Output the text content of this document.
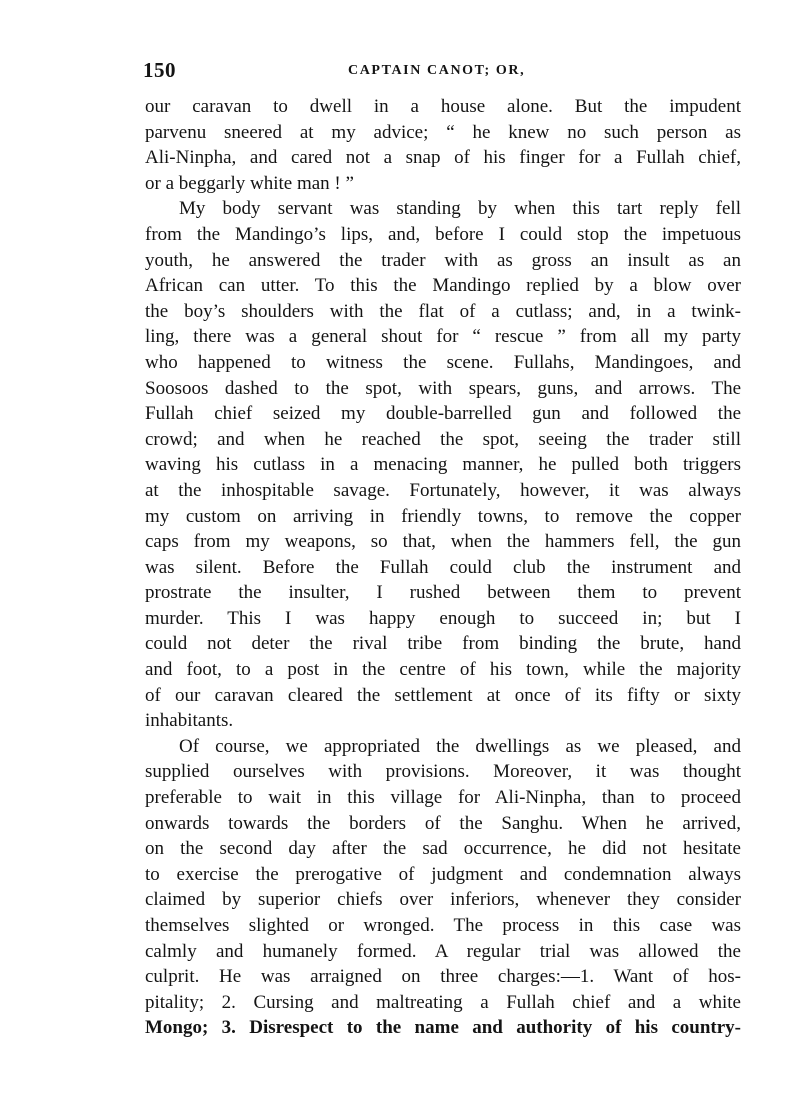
150	CAPTAIN CANOT; OR,
our caravan to dwell in a house alone. But the impudent
parvenu sneered at my advice; “ he knew no such person as
Ali-Ninpha, and cared not a snap of his finger for a Fullah chief,
or a beggarly white man ! ”
My body servant was standing by when this tart reply fell
from the Mandingo’s lips, and, before I could stop the impetuous
youth, he answered the trader with as gross an insult as an
African can utter. To this the Mandingo replied by a blow over
the boy’s shoulders with the flat of a cutlass; and, in a twink-
ling, there was a general shout for “ rescue ” from all my party
who happened to witness the scene. Fullahs, Mandingoes, and
Soosoos dashed to the spot, with spears, guns, and arrows. The
Fullah chief seized my double-barrelled gun and followed the
crowd; and when he reached the spot, seeing the trader still
waving his cutlass in a menacing manner, he pulled both triggers
at the inhospitable savage. Fortunately, however, it was always
my custom on arriving in friendly towns, to remove the copper
caps from my weapons, so that, when the hammers fell, the gun
was silent. Before the Fullah could club the instrument and
prostrate the insulter, I rushed between them to prevent
murder. This I was happy enough to succeed in; but I
could not deter the rival tribe from binding the brute, hand
and foot, to a post in the centre of his town, while the majority
of our caravan cleared the settlement at once of its fifty or sixty
inhabitants.
Of course, we appropriated the dwellings as we pleased, and
supplied ourselves with provisions. Moreover, it was thought
preferable to wait in this village for Ali-Ninpha, than to proceed
onwards towards the borders of the Sanghu. When he arrived,
on the second day after the sad occurrence, he did not hesitate
to exercise the prerogative of judgment and condemnation always
claimed by superior chiefs over inferiors, whenever they consider
themselves slighted or wronged. The process in this case was
calmly and humanely formed. A regular trial was allowed the
culprit. He was arraigned on three charges:—1. Want of hos-
pitality; 2. Cursing and maltreating a Fullah chief and a white
Mongo; 3. Disrespect to the name and authority of his country-
